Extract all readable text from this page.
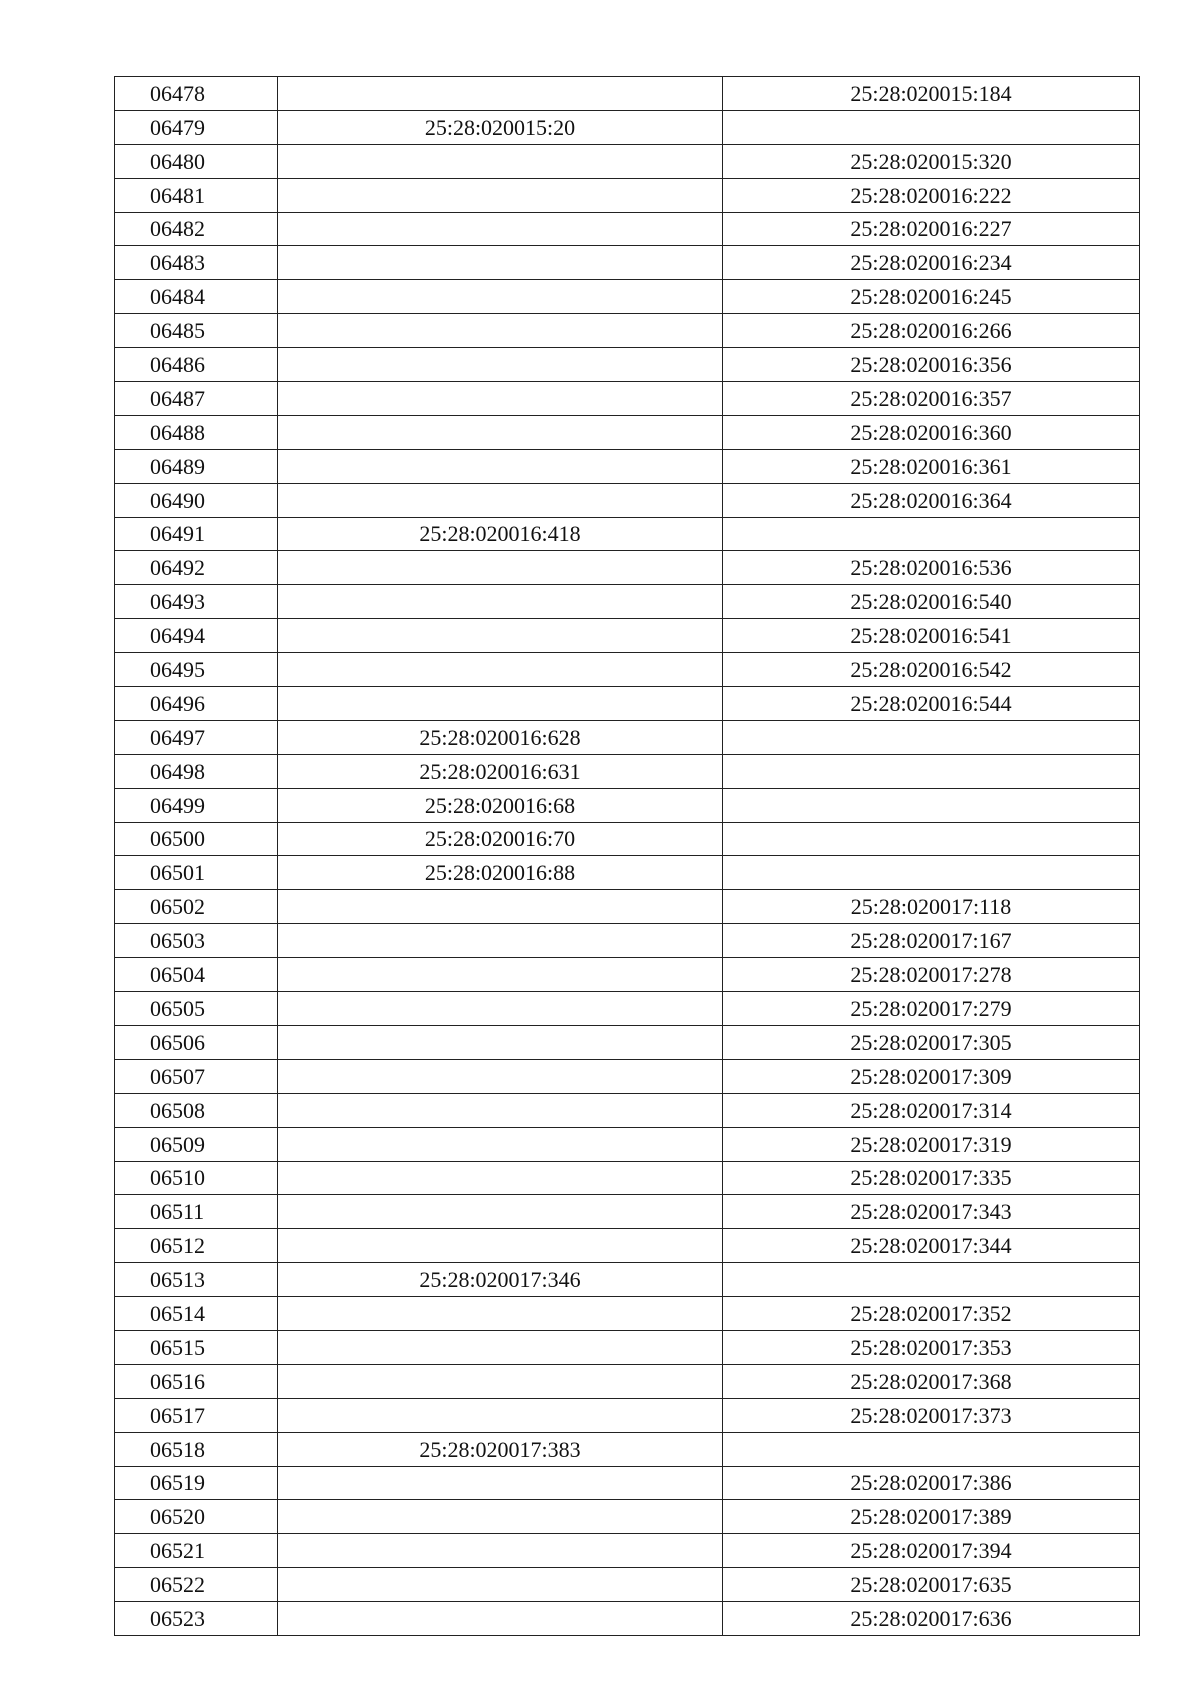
06478		25:28:020015:184
06479	25:28:020015:20	
06480		25:28:020015:320
06481		25:28:020016:222
06482		25:28:020016:227
06483		25:28:020016:234
06484		25:28:020016:245
06485		25:28:020016:266
06486		25:28:020016:356
06487		25:28:020016:357
06488		25:28:020016:360
06489		25:28:020016:361
06490		25:28:020016:364
06491	25:28:020016:418	
06492		25:28:020016:536
06493		25:28:020016:540
06494		25:28:020016:541
06495		25:28:020016:542
06496		25:28:020016:544
06497	25:28:020016:628	
06498	25:28:020016:631	
06499	25:28:020016:68	
06500	25:28:020016:70	
06501	25:28:020016:88	
06502		25:28:020017:118
06503		25:28:020017:167
06504		25:28:020017:278
06505		25:28:020017:279
06506		25:28:020017:305
06507		25:28:020017:309
06508		25:28:020017:314
06509		25:28:020017:319
06510		25:28:020017:335
06511		25:28:020017:343
06512		25:28:020017:344
06513	25:28:020017:346	
06514		25:28:020017:352
06515		25:28:020017:353
06516		25:28:020017:368
06517		25:28:020017:373
06518	25:28:020017:383	
06519		25:28:020017:386
06520		25:28:020017:389
06521		25:28:020017:394
06522		25:28:020017:635
06523		25:28:020017:636
